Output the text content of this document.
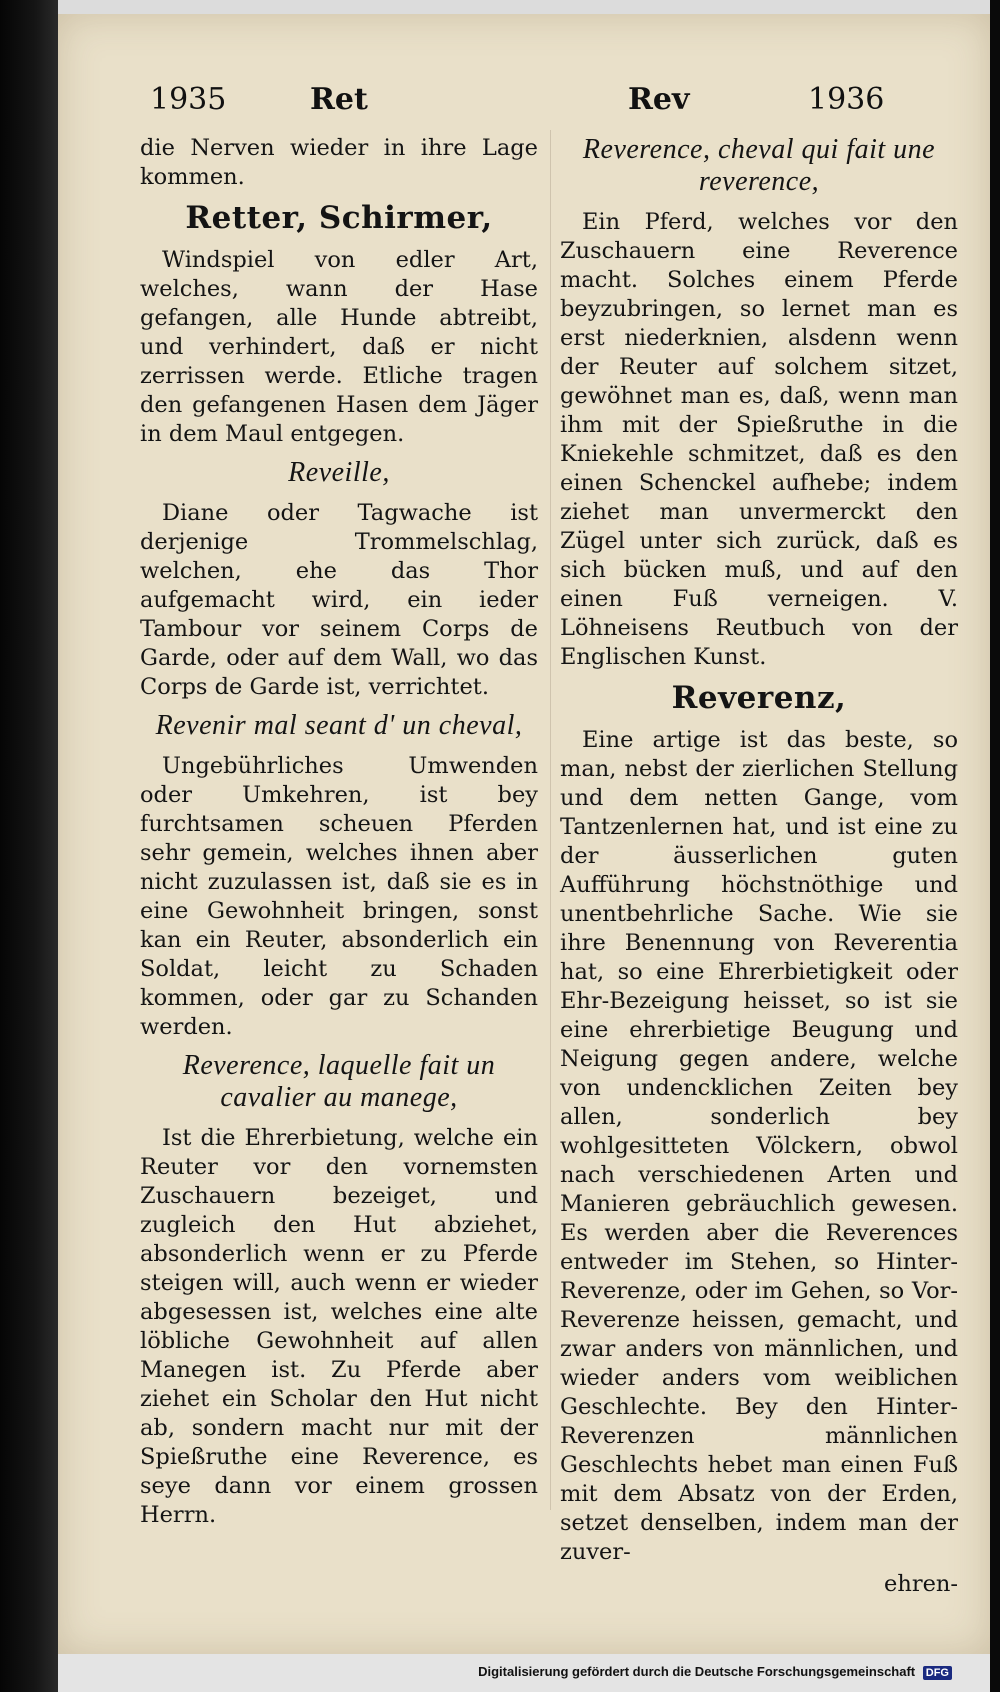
1935	Ret	Rev	1936

die Nerven wieder in ihre Lage kommen.

Retter, Schirmer,

Windspiel von edler Art, welches, wann der Hase gefangen, alle Hunde abtreibt, und verhindert, daß er nicht zerrissen werde. Etliche tragen den gefangenen Hasen dem Jäger in dem Maul entgegen.

Reveille,

Diane oder Tagwache ist derjenige Trommelschlag, welchen, ehe das Thor aufgemacht wird, ein ieder Tambour vor seinem Corps de Garde, oder auf dem Wall, wo das Corps de Garde ist, verrichtet.

Revenir mal seant d' un cheval,

Ungebührliches Umwenden oder Umkehren, ist bey furchtsamen scheuen Pferden sehr gemein, welches ihnen aber nicht zuzulassen ist, daß sie es in eine Gewohnheit bringen, sonst kan ein Reuter, absonderlich ein Soldat, leicht zu Schaden kommen, oder gar zu Schanden werden.

Reverence, laquelle fait un cavalier au manege,

Ist die Ehrerbietung, welche ein Reuter vor den vornemsten Zuschauern bezeiget, und zugleich den Hut abziehet, absonderlich wenn er zu Pferde steigen will, auch wenn er wieder abgesessen ist, welches eine alte löbliche Gewohnheit auf allen Manegen ist. Zu Pferde aber ziehet ein Scholar den Hut nicht ab, sondern macht nur mit der Spießruthe eine Reverence, es seye dann vor einem grossen Herrn.

Reverence, cheval qui fait une reverence,

Ein Pferd, welches vor den Zuschauern eine Reverence macht. Solches einem Pferde beyzubringen, so lernet man es erst niederknien, alsdenn wenn der Reuter auf solchem sitzet, gewöhnet man es, daß, wenn man ihm mit der Spießruthe in die Kniekehle schmitzet, daß es den einen Schenckel aufhebe; indem ziehet man unvermerckt den Zügel unter sich zurück, daß es sich bücken muß, und auf den einen Fuß verneigen. V. Löhneisens Reutbuch von der Englischen Kunst.

Reverenz,

Eine artige ist das beste, so man, nebst der zierlichen Stellung und dem netten Gange, vom Tantzenlernen hat, und ist eine zu der äusserlichen guten Aufführung höchstnöthige und unentbehrliche Sache. Wie sie ihre Benennung von Reverentia hat, so eine Ehrerbietigkeit oder Ehr-Bezeigung heisset, so ist sie eine ehrerbietige Beugung und Neigung gegen andere, welche von undencklichen Zeiten bey allen, sonderlich bey wohlgesitteten Völckern, obwol nach verschiedenen Arten und Manieren gebräuchlich gewesen. Es werden aber die Reverences entweder im Stehen, so Hinter-Reverenze, oder im Gehen, so Vor-Reverenze heissen, gemacht, und zwar anders von männlichen, und wieder anders vom weiblichen Geschlechte. Bey den Hinter-Reverenzen männlichen Geschlechts hebet man einen Fuß mit dem Absatz von der Erden, setzet denselben, indem man der zuver-

ehren-
Digitalisierung gefördert durch die Deutsche Forschungsgemeinschaft DFG
